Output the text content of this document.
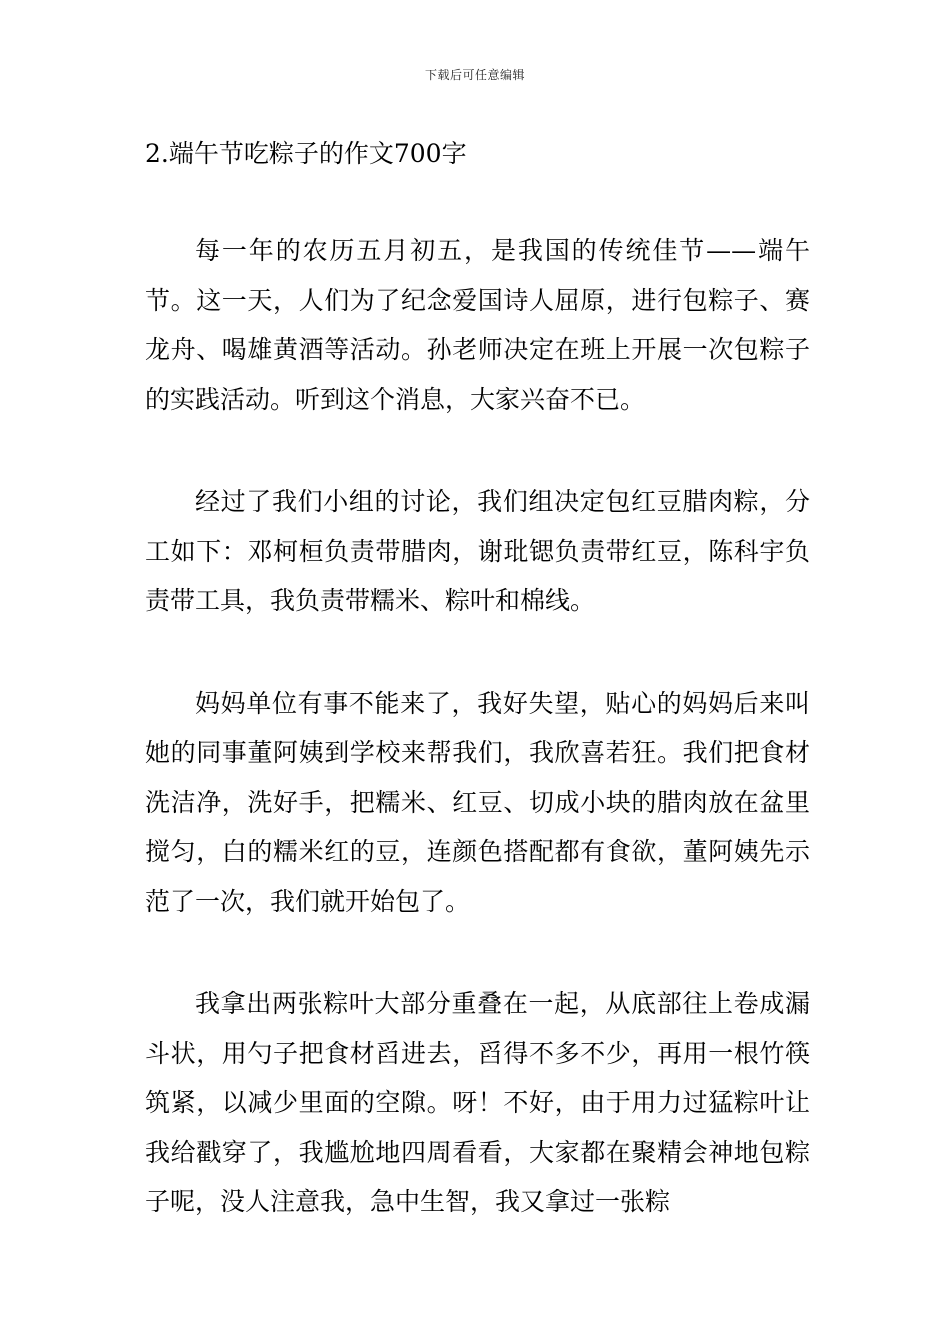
下载后可任意编辑
2.端午节吃粽子的作文700字

每一年的农历五月初五，是我国的传统佳节——端午节。这一天，人们为了纪念爱国诗人屈原，进行包粽子、赛龙舟、喝雄黄酒等活动。孙老师决定在班上开展一次包粽子的实践活动。听到这个消息，大家兴奋不已。

经过了我们小组的讨论，我们组决定包红豆腊肉粽，分工如下：邓柯桓负责带腊肉，谢玭锶负责带红豆，陈科宇负责带工具，我负责带糯米、粽叶和棉线。

妈妈单位有事不能来了，我好失望，贴心的妈妈后来叫她的同事董阿姨到学校来帮我们，我欣喜若狂。我们把食材洗洁净，洗好手，把糯米、红豆、切成小块的腊肉放在盆里搅匀，白的糯米红的豆，连颜色搭配都有食欲，董阿姨先示范了一次，我们就开始包了。

我拿出两张粽叶大部分重叠在一起，从底部往上卷成漏斗状，用勺子把食材舀进去，舀得不多不少，再用一根竹筷筑紧，以减少里面的空隙。呀！不好，由于用力过猛粽叶让我给戳穿了，我尴尬地四周看看，大家都在聚精会神地包粽子呢，没人注意我，急中生智，我又拿过一张粽
